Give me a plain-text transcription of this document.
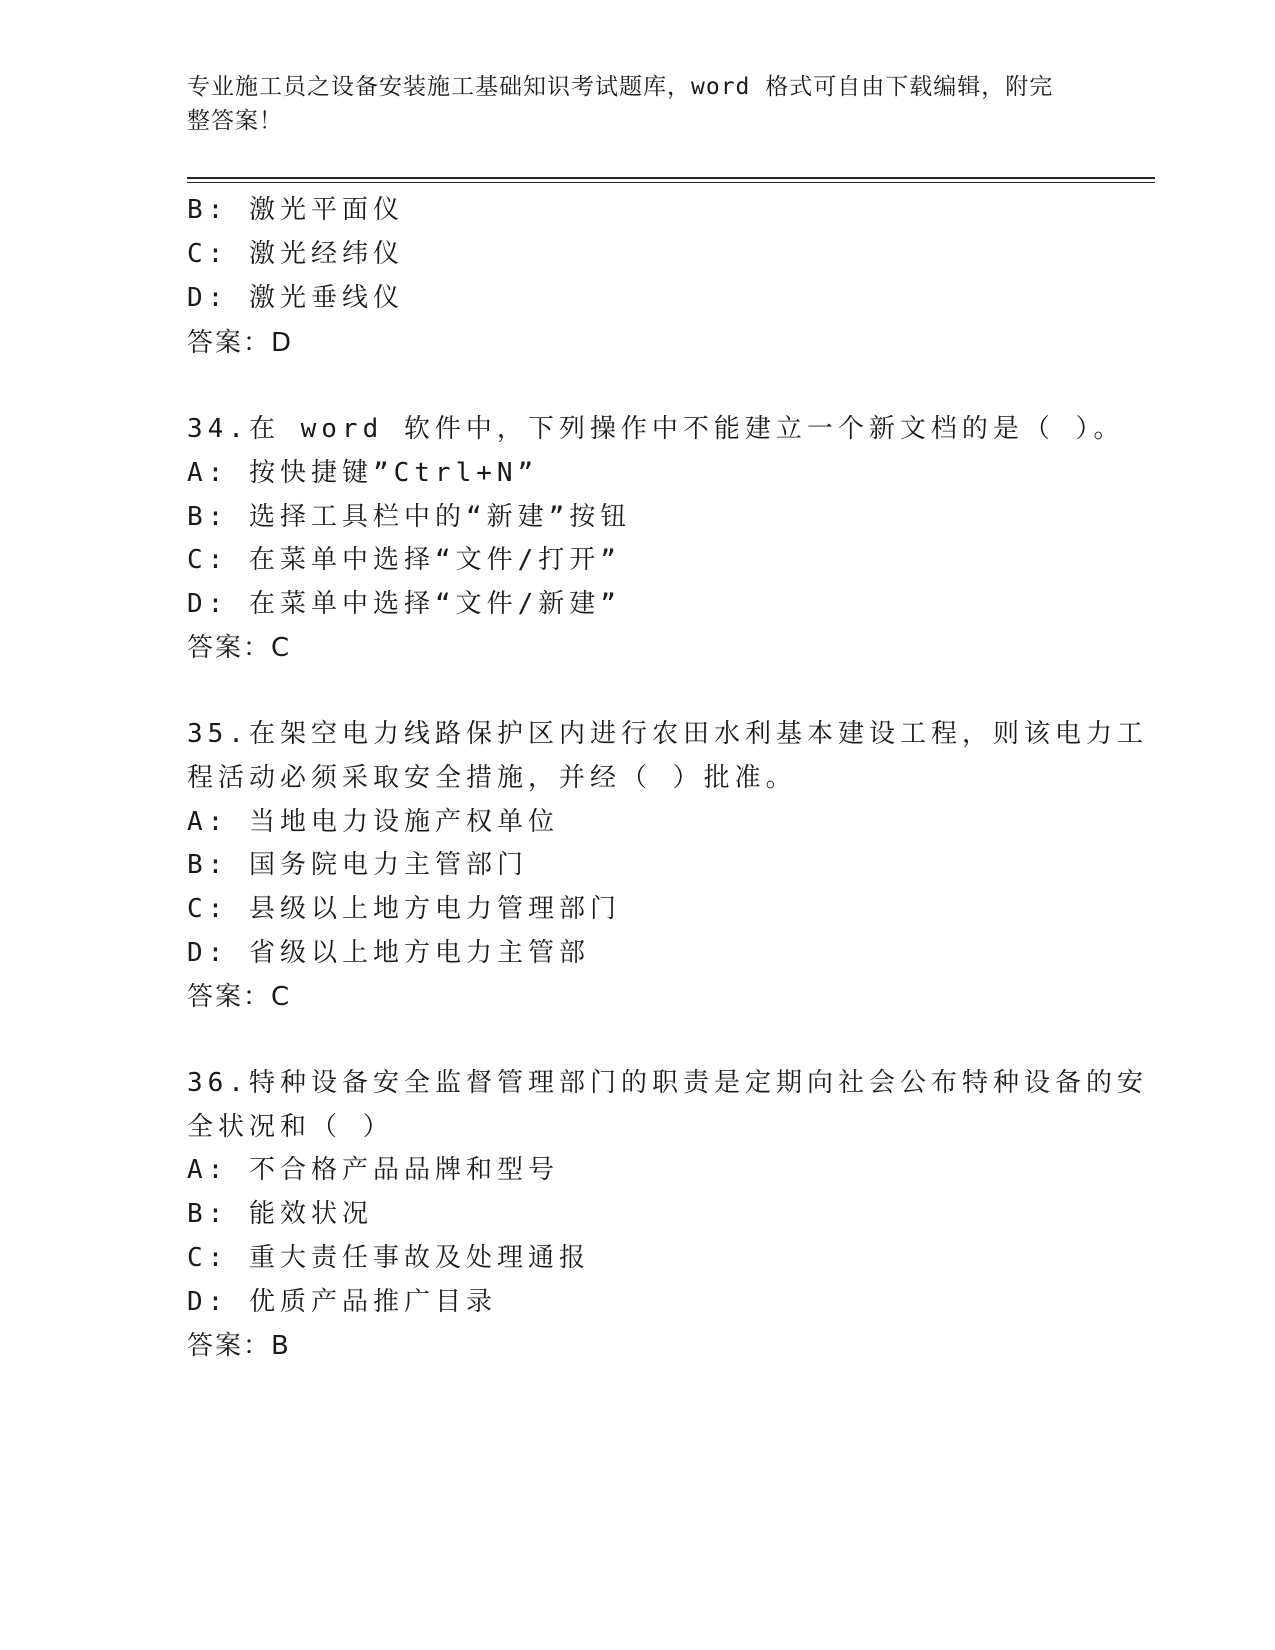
专业施工员之设备安装施工基础知识考试题库，word 格式可自由下载编辑，附完整答案！
B: 激光平面仪
C: 激光经纬仪
D: 激光垂线仪
答案：D
34.在 word 软件中，下列操作中不能建立一个新文档的是（ ）。
A: 按快捷键”Ctrl+N”
B: 选择工具栏中的“新建”按钮
C: 在菜单中选择“文件/打开”
D: 在菜单中选择“文件/新建”
答案：C
35.在架空电力线路保护区内进行农田水利基本建设工程，则该电力工
程活动必须采取安全措施，并经（ ）批准。
A: 当地电力设施产权单位
B: 国务院电力主管部门
C: 县级以上地方电力管理部门
D: 省级以上地方电力主管部
答案：C
36.特种设备安全监督管理部门的职责是定期向社会公布特种设备的安
全状况和（ ）
A: 不合格产品品牌和型号
B: 能效状况
C: 重大责任事故及处理通报
D: 优质产品推广目录
答案：B
